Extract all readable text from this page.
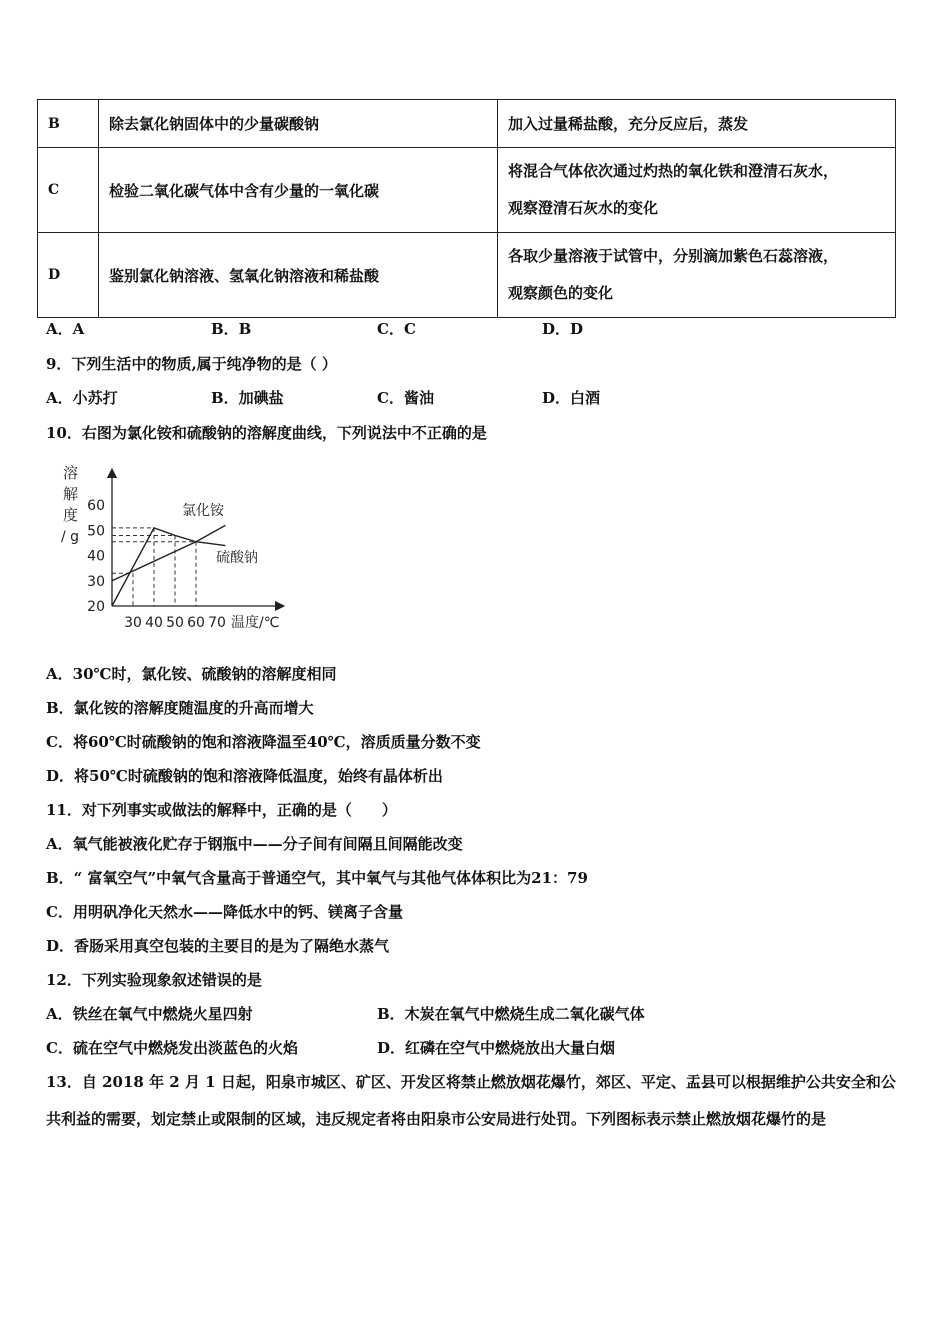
B	除去氯化钠固体中的少量碳酸钠	加入过量稀盐酸，充分反应后，蒸发
C	检验二氧化碳气体中含有少量的一氧化碳	将混合气体依次通过灼热的氧化铁和澄清石灰水，
观察澄清石灰水的变化

D	鉴别氯化钠溶液、氢氧化钠溶液和稀盐酸	各取少量溶液于试管中，分别滴加紫色石蕊溶液，
观察颜色的变化
A．A	B．B	C．C	D．D
9．下列生活中的物质,属于纯净物的是（ ）
A．小苏打	B．加碘盐	C．酱油	D．白酒
10．右图为氯化铵和硫酸钠的溶解度曲线，下列说法中不正确的是
30 40 50 60 70
20
30
40
50
60
溶
解
度
/ g
温度/℃
氯化铵
硫酸钠
A．30℃时，氯化铵、硫酸钠的溶解度相同
B．氯化铵的溶解度随温度的升高而增大
C．将60℃时硫酸钠的饱和溶液降温至40℃，溶质质量分数不变
D．将50℃时硫酸钠的饱和溶液降低温度，始终有晶体析出
11．对下列事实或做法的解释中，正确的是（　　）
A．氧气能被液化贮存于钢瓶中——分子间有间隔且间隔能改变
B．“ 富氧空气”中氧气含量高于普通空气，其中氧气与其他气体体积比为21：79
C．用明矾净化天然水——降低水中的钙、镁离子含量
D．香肠采用真空包装的主要目的是为了隔绝水蒸气
12．下列实验现象叙述错误的是
A．铁丝在氧气中燃烧火星四射	B．木炭在氧气中燃烧生成二氧化碳气体
C．硫在空气中燃烧发出淡蓝色的火焰	D．红磷在空气中燃烧放出大量白烟
13．自 2018 年 2 月 1 日起，阳泉市城区、矿区、开发区将禁止燃放烟花爆竹，郊区、平定、盂县可以根据维护公共安全和公共利益的需要，划定禁止或限制的区域，违反规定者将由阳泉市公安局进行处罚。下列图标表示禁止燃放烟花爆竹的是
